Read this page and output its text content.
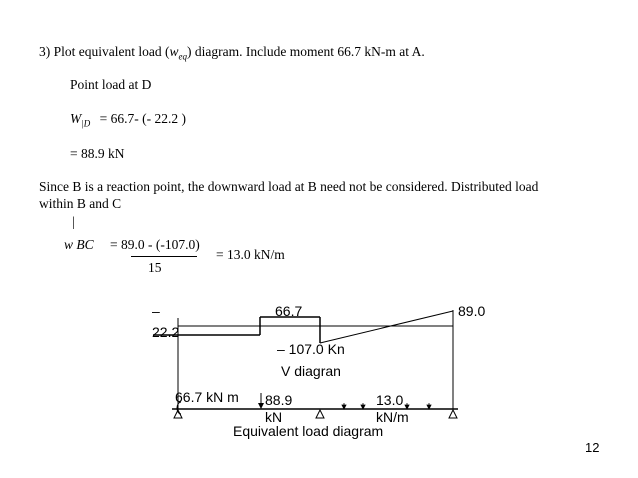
3) Plot equivalent load $(w_{eq})$ diagram. Include moment 66.7 kN-m at A.
Point load at D
$W_{|D} = 66.7-$ (- 22.2 )
= 88.9 kN
Since B is a reaction point, the downward load at B need not be considered. Distributed load
within B and C
|
w BC = 89.0 - (-107.0)
15
= 13.0 kN/m
–
22.2
66.7	89.0
– 107.0 Kn
V diagran
66.7 kN m 88.9
kN
13.0
kN/m
Equivalent load diagram
12
